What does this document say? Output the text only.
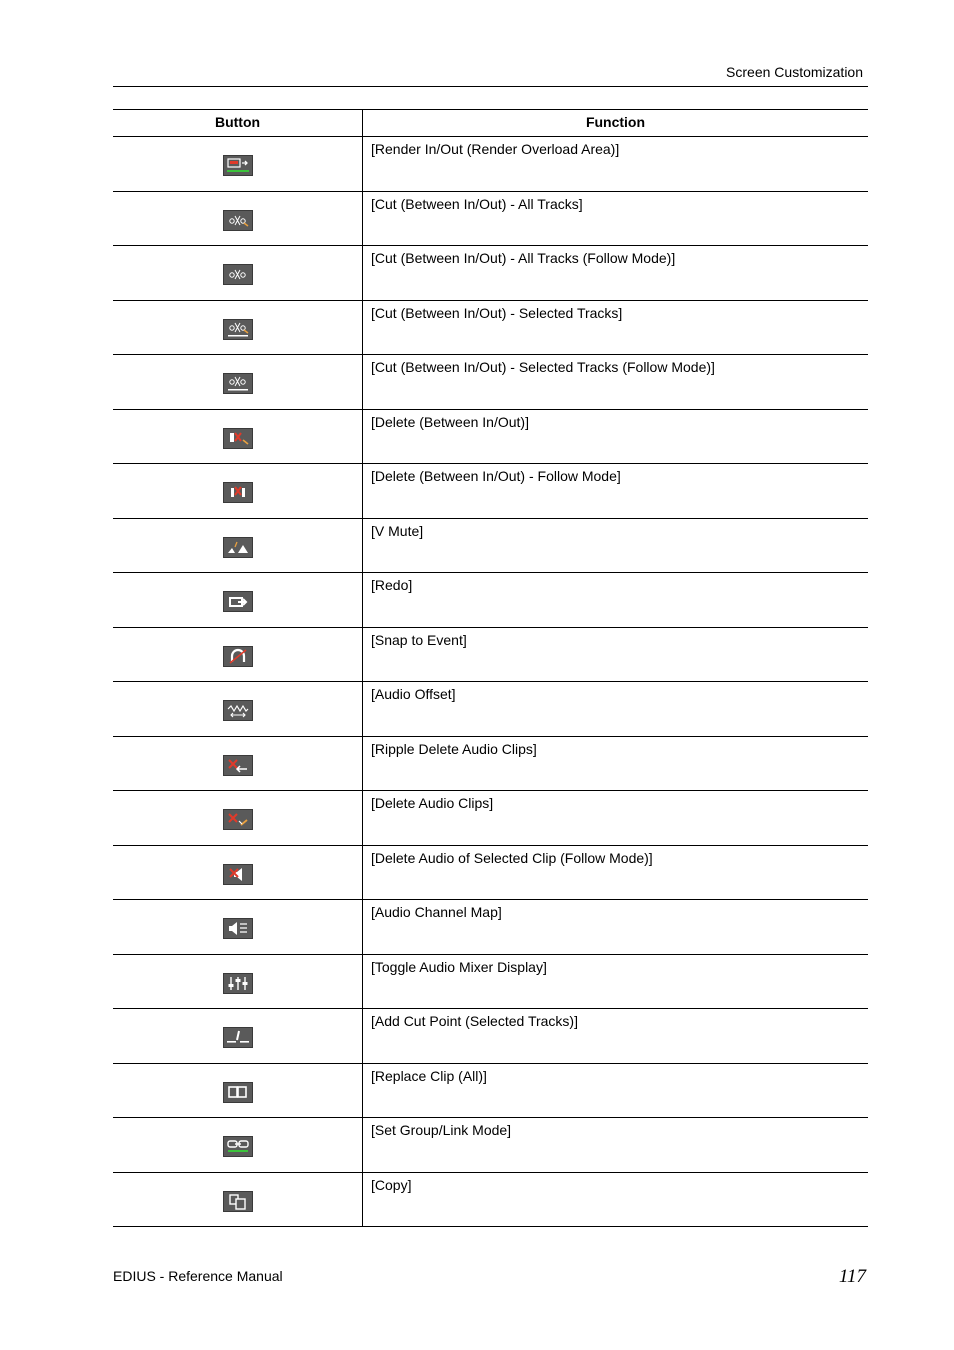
Screen Customization
Button	Function
[Render In/Out (Render Overload Area)]
[Cut (Between In/Out) - All Tracks]
[Cut (Between In/Out) - All Tracks (Follow Mode)]
[Cut (Between In/Out) - Selected Tracks]
[Cut (Between In/Out) - Selected Tracks (Follow Mode)]
[Delete (Between In/Out)]
[Delete (Between In/Out) - Follow Mode]
[V Mute]
[Redo]
[Snap to Event]
[Audio Offset]
[Ripple Delete Audio Clips]
[Delete Audio Clips]
[Delete Audio of Selected Clip (Follow Mode)]
[Audio Channel Map]
[Toggle Audio Mixer Display]
[Add Cut Point (Selected Tracks)]
[Replace Clip (All)]
[Set Group/Link Mode]
[Copy]
EDIUS - Reference Manual	117
